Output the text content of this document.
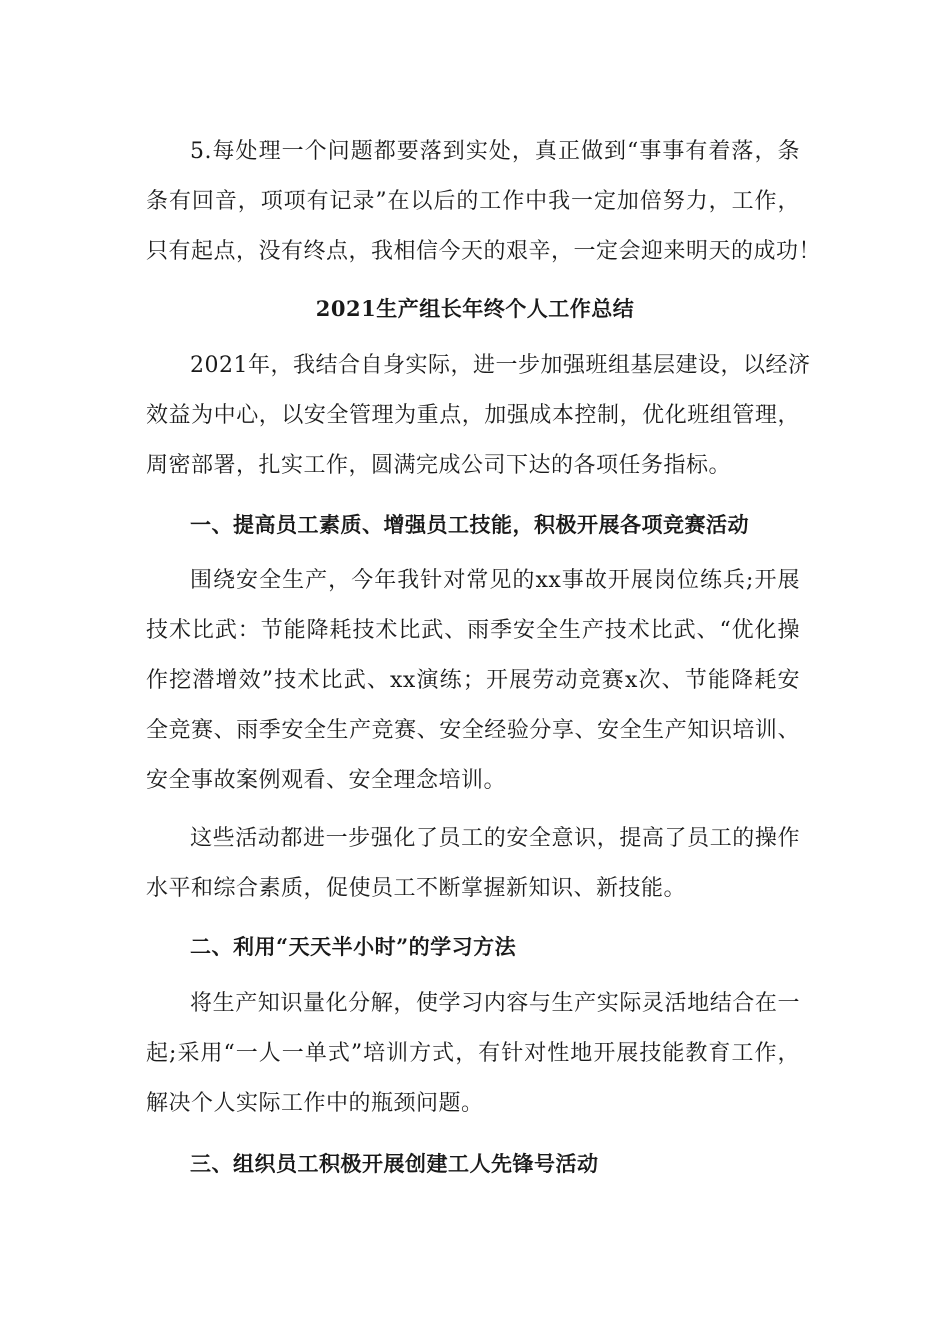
5.每处理一个问题都要落到实处，真正做到“事事有着落，条
条有回音，项项有记录”在以后的工作中我一定加倍努力，工作，
只有起点，没有终点，我相信今天的艰辛，一定会迎来明天的成功！
2021生产组长年终个人工作总结
2021年，我结合自身实际，进一步加强班组基层建设，以经济
效益为中心，以安全管理为重点，加强成本控制，优化班组管理，
周密部署，扎实工作，圆满完成公司下达的各项任务指标。
一、提高员工素质、增强员工技能，积极开展各项竞赛活动
围绕安全生产，今年我针对常见的xx事故开展岗位练兵;开展
技术比武：节能降耗技术比武、雨季安全生产技术比武、“优化操
作挖潜增效”技术比武、xx演练；开展劳动竞赛x次、节能降耗安
全竞赛、雨季安全生产竞赛、安全经验分享、安全生产知识培训、
安全事故案例观看、安全理念培训。
这些活动都进一步强化了员工的安全意识，提高了员工的操作
水平和综合素质，促使员工不断掌握新知识、新技能。
二、利用“天天半小时”的学习方法
将生产知识量化分解，使学习内容与生产实际灵活地结合在一
起;采用“一人一单式”培训方式，有针对性地开展技能教育工作，
解决个人实际工作中的瓶颈问题。
三、组织员工积极开展创建工人先锋号活动
